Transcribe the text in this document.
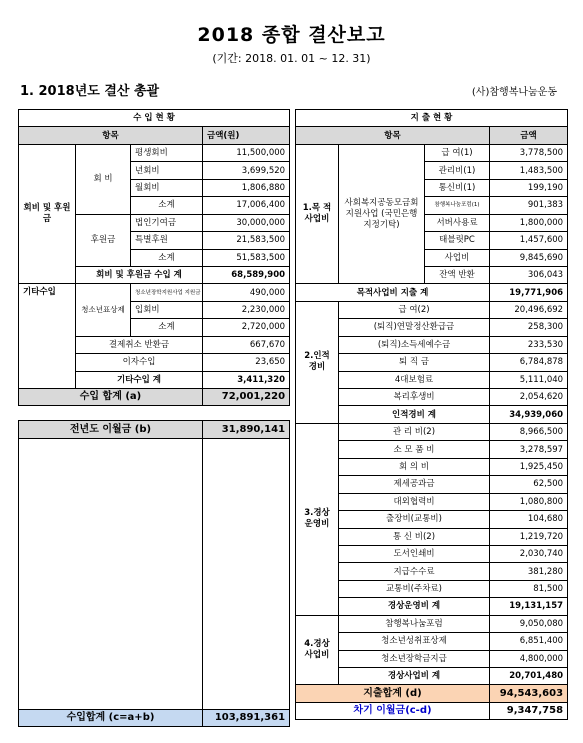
2018 종합 결산보고
(기간: 2018. 01. 01 ~ 12. 31)
1. 2018년도 결산 총괄	(사)참행복나눔운동
수 입 현 황			
항목			금액(원)
회비 및 후원금	회 비	평생회비	11,500,000
		년회비	3,699,520
		월회비	1,806,880
		소계	17,006,400
	후원금	법인기여금	30,000,000
		특별후원	21,583,500
		소계	51,583,500
	회비 및 후원금 수입 계		68,589,900
기타수입	청소년표상제	청소년장학지원사업 지원금	490,000
		입회비	2,230,000
		소계	2,720,000
	결제취소 반환금		667,670
	이자수입		23,650
	기타수입 계		3,411,320
수입 합계 (a)			72,001,220

전년도 이월금 (b)			31,890,141

수입합계 (c=a+b)			103,891,361
지 출 현 황			
항목			금액
1.목 적 사업비	사회복지공동모금회 지원사업 (국민은행 지정기탁)	급 여(1)	3,778,500
		관리비(1)	1,483,500
		통신비(1)	199,190
		참행복나눔포럼(1)	901,383
		서버사용료	1,800,000
		태블릿PC	1,457,600
		사업비	9,845,690
		잔액 반환	306,043
목적사업비 지출 계			19,771,906
2.인적 경비	급 여(2)		20,496,692
	(퇴직)연말정산환급금		258,300
	(퇴직)소득세예수금		233,530
	퇴 직 금		6,784,878
	4대보험료		5,111,040
	복리후생비		2,054,620
	인적경비 계		34,939,060
3.경상 운영비	관 리 비(2)		8,966,500
	소 모 품 비		3,278,597
	회 의 비		1,925,450
	제세공과금		62,500
	대외협력비		1,080,800
	출장비(교통비)		104,680
	통 신 비(2)		1,219,720
	도서인쇄비		2,030,740
	지급수수료		381,280
	교통비(주차료)		81,500
	경상운영비 계		19,131,157
4.경상 사업비	참행복나눔포럼		9,050,080
	청소년성취표상제		6,851,400
	청소년장학금지급		4,800,000
	경상사업비 계		20,701,480
지출합계 (d)			94,543,603
차기 이월금(c-d)			9,347,758
